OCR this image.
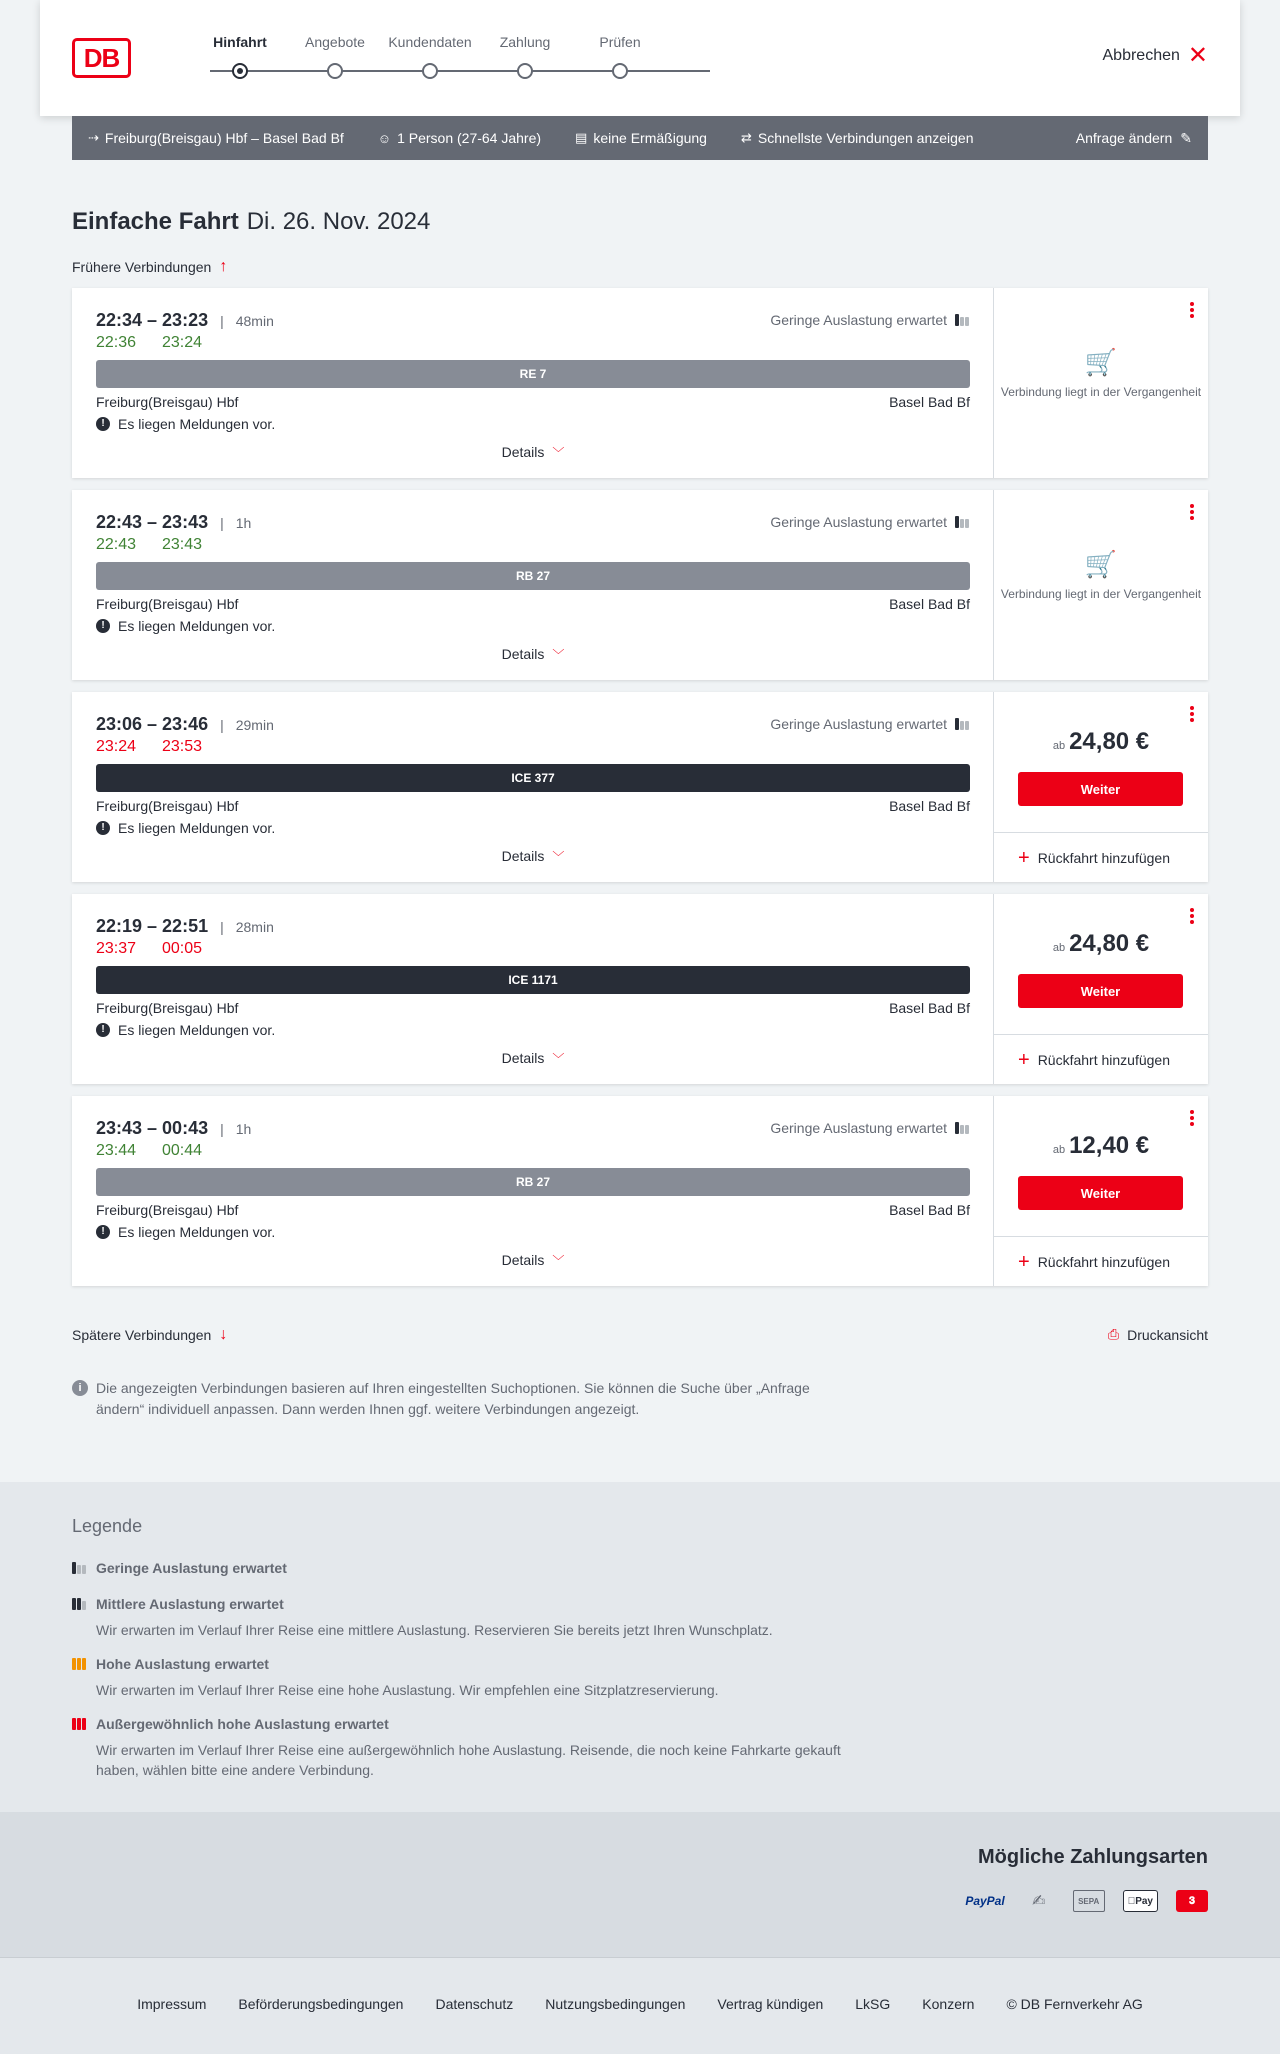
DB
Hinfahrt	Angebote	Kundendaten	Zahlung	Prüfen
Abbrechen ✕
⇢ Freiburg(Breisgau) Hbf – Basel Bad Bf	☺ 1 Person (27-64 Jahre)	▤ keine Ermäßigung	⇄ Schnellste Verbindungen anzeigen	Anfrage ändern ✎
Einfache Fahrt Di. 26. Nov. 2024
Frühere Verbindungen ↑
22:34 – 23:23 | 48min
22:36 23:24
Geringe Auslastung erwartet
RE 7
Freiburg(Breisgau) Hbf	Basel Bad Bf
! Es liegen Meldungen vor.
Details ﹀
🛒
Verbindung liegt in der Vergangenheit
22:43 – 23:43 | 1h
22:43 23:43
Geringe Auslastung erwartet
RB 27
Freiburg(Breisgau) Hbf	Basel Bad Bf
! Es liegen Meldungen vor.
Details ﹀
🛒
Verbindung liegt in der Vergangenheit
23:06 – 23:46 | 29min
23:24 23:53
Geringe Auslastung erwartet
ICE 377
Freiburg(Breisgau) Hbf	Basel Bad Bf
! Es liegen Meldungen vor.
Details ﹀
ab 24,80 €
Weiter
+ Rückfahrt hinzufügen
22:19 – 22:51 | 28min
23:37 00:05
ICE 1171
Freiburg(Breisgau) Hbf	Basel Bad Bf
! Es liegen Meldungen vor.
Details ﹀
ab 24,80 €
Weiter
+ Rückfahrt hinzufügen
23:43 – 00:43 | 1h
23:44 00:44
Geringe Auslastung erwartet
RB 27
Freiburg(Breisgau) Hbf	Basel Bad Bf
! Es liegen Meldungen vor.
Details ﹀
ab 12,40 €
Weiter
+ Rückfahrt hinzufügen
Spätere Verbindungen ↓	⎙ Druckansicht
i	Die angezeigten Verbindungen basieren auf Ihren eingestellten Suchoptionen. Sie können die Suche über „Anfrage ändern“ individuell anpassen. Dann werden Ihnen ggf. weitere Verbindungen angezeigt.
Legende
Geringe Auslastung erwartet
Mittlere Auslastung erwartet
Wir erwarten im Verlauf Ihrer Reise eine mittlere Auslastung. Reservieren Sie bereits jetzt Ihren Wunschplatz.
Hohe Auslastung erwartet
Wir erwarten im Verlauf Ihrer Reise eine hohe Auslastung. Wir empfehlen eine Sitzplatzreservierung.
Außergewöhnlich hohe Auslastung erwartet
Wir erwarten im Verlauf Ihrer Reise eine außergewöhnlich hohe Auslastung. Reisende, die noch keine Fahrkarte gekauft haben, wählen bitte eine andere Verbindung.
Mögliche Zahlungsarten
PayPal	✍	SEPA	Pay	𝟑
Impressum Beförderungsbedingungen Datenschutz Nutzungsbedingungen Vertrag kündigen LkSG Konzern © DB Fernverkehr AG
